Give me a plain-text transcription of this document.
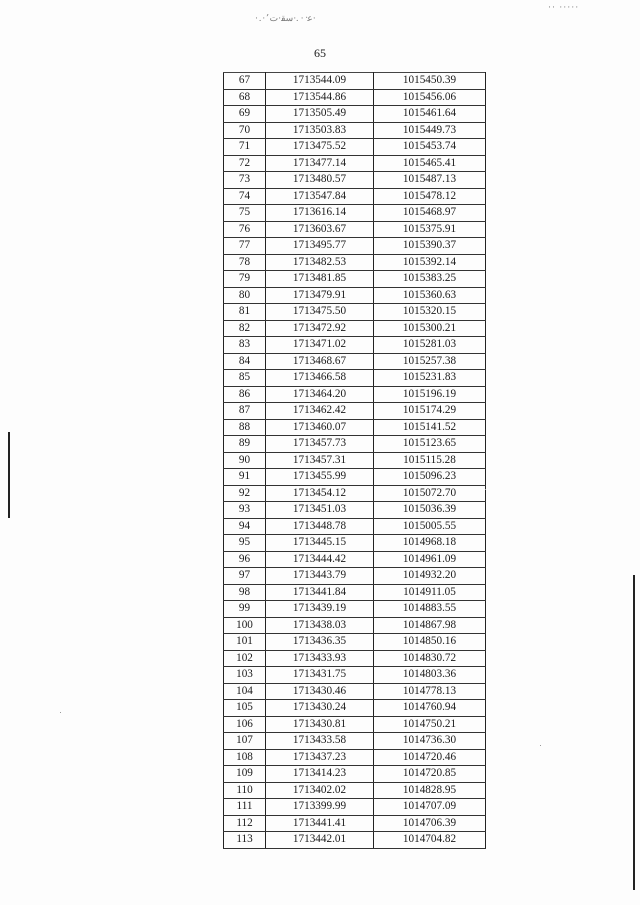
·.·՚ﻋ᠂· .·ﺳﻘ·ﺕ·
·· ·····
65
67	1713544.09	1015450.39
68	1713544.86	1015456.06
69	1713505.49	1015461.64
70	1713503.83	1015449.73
71	1713475.52	1015453.74
72	1713477.14	1015465.41
73	1713480.57	1015487.13
74	1713547.84	1015478.12
75	1713616.14	1015468.97
76	1713603.67	1015375.91
77	1713495.77	1015390.37
78	1713482.53	1015392.14
79	1713481.85	1015383.25
80	1713479.91	1015360.63
81	1713475.50	1015320.15
82	1713472.92	1015300.21
83	1713471.02	1015281.03
84	1713468.67	1015257.38
85	1713466.58	1015231.83
86	1713464.20	1015196.19
87	1713462.42	1015174.29
88	1713460.07	1015141.52
89	1713457.73	1015123.65
90	1713457.31	1015115.28
91	1713455.99	1015096.23
92	1713454.12	1015072.70
93	1713451.03	1015036.39
94	1713448.78	1015005.55
95	1713445.15	1014968.18
96	1713444.42	1014961.09
97	1713443.79	1014932.20
98	1713441.84	1014911.05
99	1713439.19	1014883.55
100	1713438.03	1014867.98
101	1713436.35	1014850.16
102	1713433.93	1014830.72
103	1713431.75	1014803.36
104	1713430.46	1014778.13
105	1713430.24	1014760.94
106	1713430.81	1014750.21
107	1713433.58	1014736.30
108	1713437.23	1014720.46
109	1713414.23	1014720.85
110	1713402.02	1014828.95
111	1713399.99	1014707.09
112	1713441.41	1014706.39
113	1713442.01	1014704.82
